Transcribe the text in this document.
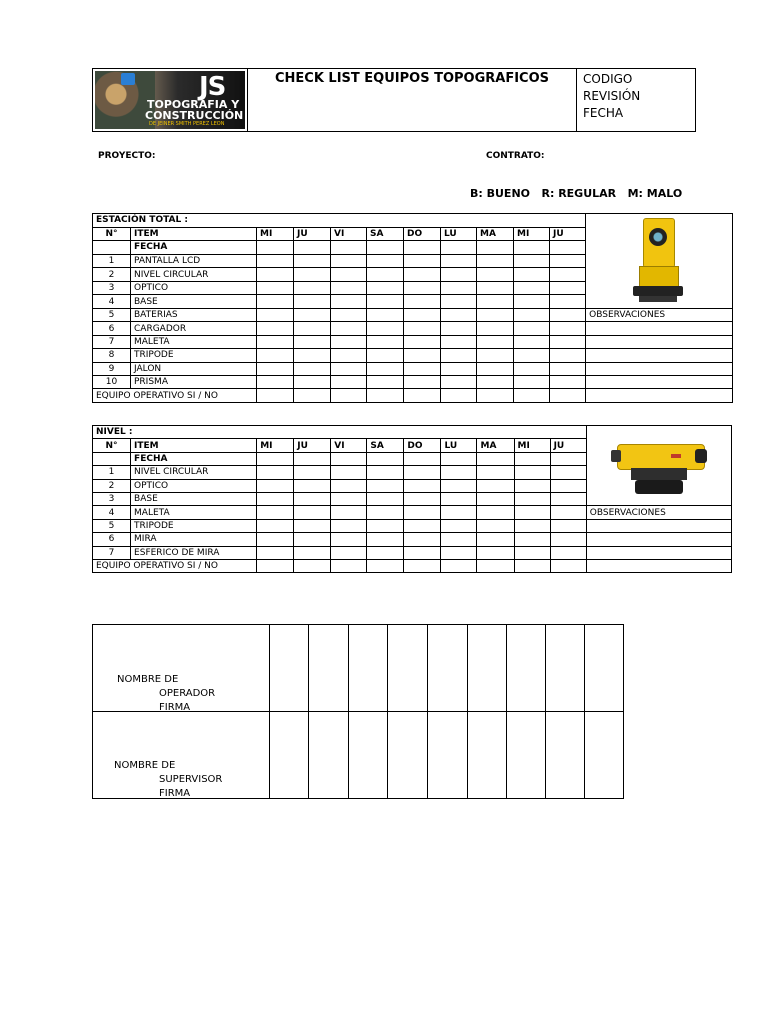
JS
TOPOGRAFIA Y
CONSTRUCCIÓN
DE JEINER SMITH PEREZ LEON
	CHECK LIST EQUIPOS TOPOGRAFICOS	CODIGO
REVISIÓN
FECHA
PROYECTO:	CONTRATO:
B: BUENO   R: REGULAR   M: MALO
ESTACIÓN TOTAL :											

N°	ITEM	MI	JU	VI	SA	DO	LU	MA	MI	JU	
	FECHA										
1	PANTALLA LCD										
2	NIVEL CIRCULAR										
3	OPTICO										
4	BASE										
5	BATERIAS										OBSERVACIONES
6	CARGADOR										
7	MALETA										
8	TRIPODE										
9	JALON										
10	PRISMA										
EQUIPO OPERATIVO SI / NO											
NIVEL :											

N°	ITEM	MI	JU	VI	SA	DO	LU	MA	MI	JU	
	FECHA										
1	NIVEL CIRCULAR										
2	OPTICO										
3	BASE										
4	MALETA										OBSERVACIONES
5	TRIPODE										
6	MIRA										
7	ESFERICO DE MIRA										
EQUIPO OPERATIVO SI / NO											
NOMBRE DE
OPERADOR
FIRMA									

NOMBRE DE
SUPERVISOR
FIRMA									
